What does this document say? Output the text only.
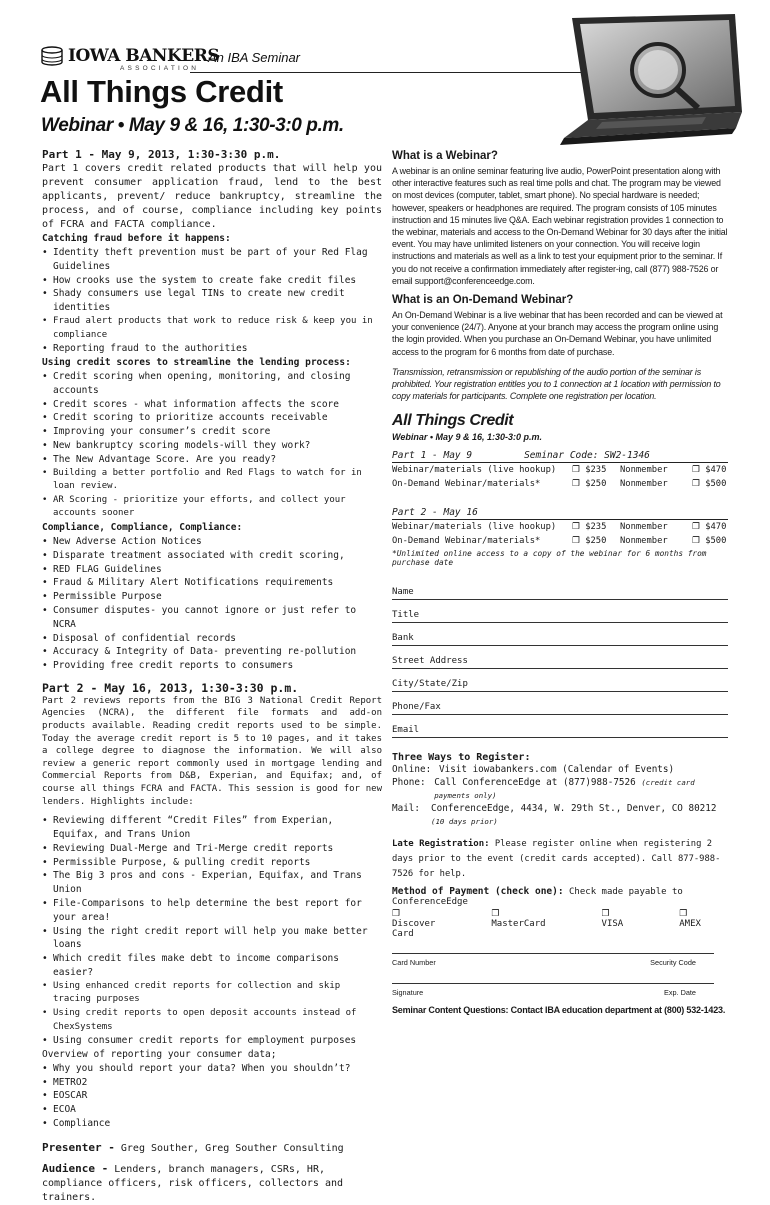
IOWA BANKERS
ASSOCIATION
An IBA Seminar
All Things Credit
Webinar • May 9 & 16, 1:30-3:0 p.m.
Part 1 - May 9, 2013, 1:30-3:30 p.m.

Part 1 covers credit related products that will help you prevent consumer application fraud, lend to the best applicants, prevent/ reduce bankruptcy, streamline the process, and of course, compliance including key points of FCRA and FACTA compliance.

Catching fraud before it happens:
• Identity theft prevention must be part of your Red Flag Guidelines
• How crooks use the system to create fake credit files
• Shady consumers use legal TINs to create new credit identities
• Fraud alert products that work to reduce risk & keep you in compliance
• Reporting fraud to the authorities
Using credit scores to streamline the lending process:
• Credit scoring when opening, monitoring, and closing accounts
• Credit scores - what information affects the score
• Credit scoring to prioritize accounts receivable
• Improving your consumer’s credit score
• New bankruptcy scoring models-will they work?
• The New Advantage Score. Are you ready?
• Building a better portfolio and Red Flags to watch for in loan review.
• AR Scoring - prioritize your efforts, and collect your accounts sooner
Compliance, Compliance, Compliance:
• New Adverse Action Notices
• Disparate treatment associated with credit scoring,
• RED FLAG Guidelines
• Fraud & Military Alert Notifications requirements
• Permissible Purpose
• Consumer disputes- you cannot ignore or just refer to NCRA
• Disposal of confidential records
• Accuracy & Integrity of Data- preventing re-pollution
• Providing free credit reports to consumers
Part 2 - May 16, 2013, 1:30-3:30 p.m.

Part 2 reviews reports from the BIG 3 National Credit Report Agencies (NCRA), the different file formats and add-on products available. Reading credit reports used to be simple. Today the average credit report is 5 to 10 pages, and it takes a college degree to diagnose the information. We will also review a generic report commonly used in mortgage lending and Commercial Reports from D&B, Experian, and Equifax; and, of course all things FCRA and FACTA. This session is good for new lenders. Highlights include:

• Reviewing different “Credit Files” from Experian, Equifax, and Trans Union
• Reviewing Dual-Merge and Tri-Merge credit reports
• Permissible Purpose, & pulling credit reports
• The Big 3 pros and cons - Experian, Equifax, and Trans Union
• File-Comparisons to help determine the best report for your area!
• Using the right credit report will help you make better loans
• Which credit files make debt to income comparisons easier?
• Using enhanced credit reports for collection and skip tracing purposes
• Using credit reports to open deposit accounts instead of ChexSystems
• Using consumer credit reports for employment purposes
Overview of reporting your consumer data;
• Why you should report your data? When you shouldn’t?
• METRO2
• EOSCAR
• ECOA
• Compliance
Presenter - Greg Souther, Greg Souther Consulting
Audience - Lenders, branch managers, CSRs, HR, compliance officers, risk officers, collectors and trainers.
What is a Webinar?
A webinar is an online seminar featuring live audio, PowerPoint presentation along with other interactive features such as real time polls and chat. The program may be viewed on most devices (computer, tablet, smart phone). No special hardware is needed; however, speakers or headphones are required. The program consists of 105 minutes instruction and 15 minutes live Q&A. Each webinar registration provides 1 connection to the webinar, materials and access to the On-Demand Webinar for 30 days after the initial event. You may have unlimited listeners on your connection. You will receive login instructions and materials as well as a link to test your equipment prior to the seminar. If you do not receive a confirmation immediately after register-ing, call (877) 988-7526 or email support@conferenceedge.com.
What is an On-Demand Webinar?
An On-Demand Webinar is a live webinar that has been recorded and can be viewed at your convenience (24/7). Anyone at your branch may access the program online using the login provided. When you purchase an On-Demand Webinar, you have unlimited access to the program for 6 months from date of purchase.
Transmission, retransmission or republishing of the audio portion of the seminar is prohibited. Your registration entitles you to 1 connection at 1 location with permission to copy materials for participants. Complete one registration per location.
All Things Credit
Webinar • May 9 & 16, 1:30-3:0 p.m.
Part 1 - May 9	Seminar Code: SW2-1346
Webinar/materials (live hookup)	❐ $235	Nonmember	❐ $470
On-Demand Webinar/materials*	❐ $250	Nonmember	❐ $500
Part 2 - May 16
Webinar/materials (live hookup)	❐ $235	Nonmember	❐ $470
On-Demand Webinar/materials*	❐ $250	Nonmember	❐ $500
*Unlimited online access to a copy of the webinar for 6 months from purchase date
Name
Title
Bank
Street Address
City/State/Zip
Phone/Fax
Email
Three Ways to Register:
Online: Visit iowabankers.com (Calendar of Events)
Phone: Call ConferenceEdge at (877)988-7526 (credit card payments only)
Mail:	ConferenceEdge, 4434, W. 29th St., Denver, CO 80212 (10 days prior)
Late Registration: Please register online when registering 2 days prior to the event (credit cards accepted). Call 877-988-7526 for help.
Method of Payment (check one): Check made payable to ConferenceEdge
❐ Discover Card
❐ MasterCard
❐ VISA
❐ AMEX
Card Number	Security Code
Signature	Exp. Date
Seminar Content Questions: Contact IBA education department at (800) 532-1423.
